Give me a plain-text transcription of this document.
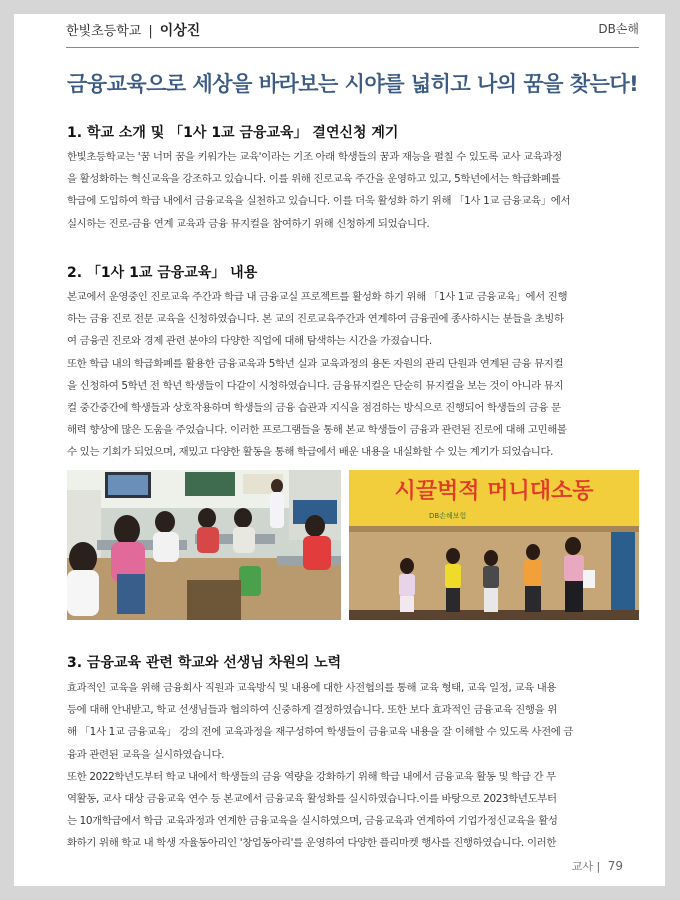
한빛초등학교 | 이상진	DB손해
금융교육으로 세상을 바라보는 시야를 넓히고 나의 꿈을 찾는다!
1. 학교 소개 및 「1사 1교 금융교육」 결연신청 계기

한빛초등학교는 '꿈 너머 꿈을 키워가는 교육'이라는 기조 아래 학생들의 꿈과 재능을 펼칠 수 있도록 교사 교육과정
을 활성화하는 혁신교육을 강조하고 있습니다. 이를 위해 진로교육 주간을 운영하고 있고, 5학년에서는 학급화폐를
학급에 도입하여 학급 내에서 금융교육을 실천하고 있습니다. 이를 더욱 활성화 하기 위해 「1사 1교 금융교육」에서
실시하는 진로-금융 연계 교육과 금융 뮤지컬을 참여하기 위해 신청하게 되었습니다.

2. 「1사 1교 금융교육」 내용

본교에서 운영중인 진로교육 주간과 학급 내 금융교실 프로젝트를 활성화 하기 위해 「1사 1교 금융교육」에서 진행
하는 금융 진로 전문 교육을 신청하였습니다. 본 교의 진로교육주간과 연계하여 금융권에 종사하시는 분들을 초빙하
여 금융권 진로와 경제 관련 분야의 다양한 직업에 대해 탐색하는 시간을 가졌습니다.
또한 학급 내의 학급화폐를 활용한 금융교육과 5학년 실과 교육과정의 용돈 자원의 관리 단원과 연계된 금융 뮤지컬
을 신청하여 5학년 전 학년 학생들이 다같이 시청하였습니다. 금융뮤지컬은 단순히 뮤지컬을 보는 것이 아니라 뮤지
컬 중간중간에 학생들과 상호작용하며 학생들의 금융 습관과 지식을 점검하는 방식으로 진행되어 학생들의 금융 문
해력 향상에 많은 도움을 주었습니다. 이러한 프로그램들을 통해 본교 학생들이 금융과 관련된 진로에 대해 고민해볼
수 있는 기회가 되었으며, 재밌고 다양한 활동을 통해 학급에서 배운 내용을 내실화할 수 있는 계기가 되었습니다.

시끌벅적 머니대소동
DB손해보험
3. 금융교육 관련 학교와 선생님 차원의 노력

효과적인 교육을 위해 금융회사 직원과 교육방식 및 내용에 대한 사전협의를 통해 교육 형태, 교육 일정, 교육 내용
등에 대해 안내받고, 학교 선생님들과 협의하여 신중하게 결정하였습니다. 또한 보다 효과적인 금융교육 진행을 위
해 「1사 1교 금융교육」 강의 전에 교육과정을 재구성하여 학생들이 금융교육 내용을 잘 이해할 수 있도록 사전에 금
융과 관련된 교육을 실시하였습니다.
또한 2022학년도부터 학교 내에서 학생들의 금융 역량을 강화하기 위해 학급 내에서 금융교육 활동 및 학급 간 무
역활동, 교사 대상 금융교육 연수 등 본교에서 금융교육 활성화를 실시하였습니다.이를 바탕으로 2023학년도부터
는 10개학급에서 학급 교육과정과 연계한 금융교육을 실시하였으며, 금융교육과 연계하여 기업가정신교육을 활성
화하기 위해 학교 내 학생 자율동아리인 '창업동아리'를 운영하여 다양한 플리마켓 행사를 진행하였습니다. 이러한

교사 | 79
